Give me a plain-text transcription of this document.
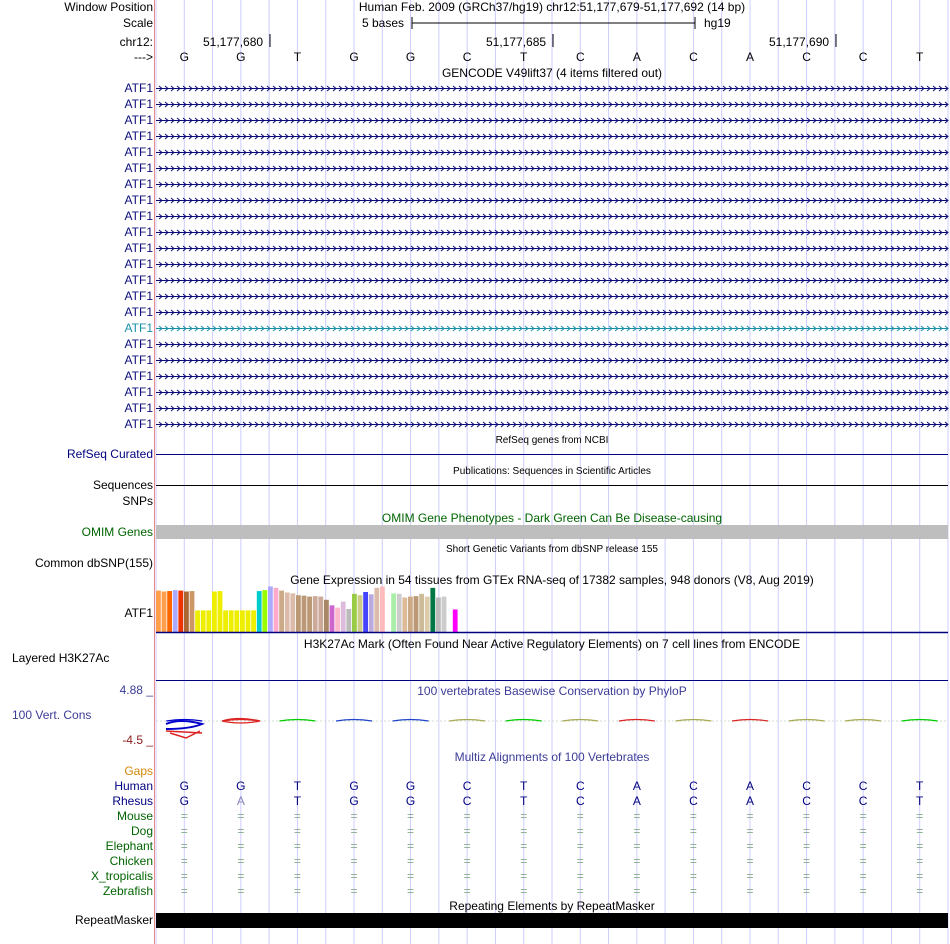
Window Position	Human Feb. 2009 (GRCh37/hg19) chr12:51,177,679-51,177,692 (14 bp)
Scale	5 bases	hg19
chr12:	51,177,680	51,177,685	51,177,690
---> G	G	T	G	G	C	T	C	A	C	A	C	C	T
GENCODE V49lift37 (4 items filtered out)
ATF1
ATF1
ATF1
ATF1
ATF1
ATF1
ATF1
ATF1
ATF1
ATF1
ATF1
ATF1
ATF1
ATF1
ATF1
ATF1
ATF1
ATF1
ATF1
ATF1
ATF1
ATF1
RefSeq genes from NCBI
RefSeq Curated
Publications: Sequences in Scientific Articles
Sequences
SNPs
OMIM Gene Phenotypes - Dark Green Can Be Disease-causing
OMIM Genes
Short Genetic Variants from dbSNP release 155
Common dbSNP(155)
Gene Expression in 54 tissues from GTEx RNA-seq of 17382 samples, 948 donors (V8, Aug 2019)
ATF1
H3K27Ac Mark (Often Found Near Active Regulatory Elements) on 7 cell lines from ENCODE
Layered H3K27Ac
100 vertebrates Basewise Conservation by PhyloP
4.88 _
100 Vert. Cons
-4.5 _
Multiz Alignments of 100 Vertebrates
Gaps
Human G	G	T	G	G	C	T	C	A	C	A	C	C	T
Rhesus G	A	T	G	G	C	T	C	A	C	A	C	C	T
Mouse =	=	=	=	=	=	=	=	=	=	=	=	=	=
Dog =	=	=	=	=	=	=	=	=	=	=	=	=	=
Elephant =	=	=	=	=	=	=	=	=	=	=	=	=	=
Chicken =	=	=	=	=	=	=	=	=	=	=	=	=	=
X_tropicalis =	=	=	=	=	=	=	=	=	=	=	=	=	=
Zebrafish =	=	=	=	=	=	=	=	=	=	=	=	=	=
Repeating Elements by RepeatMasker
RepeatMasker
